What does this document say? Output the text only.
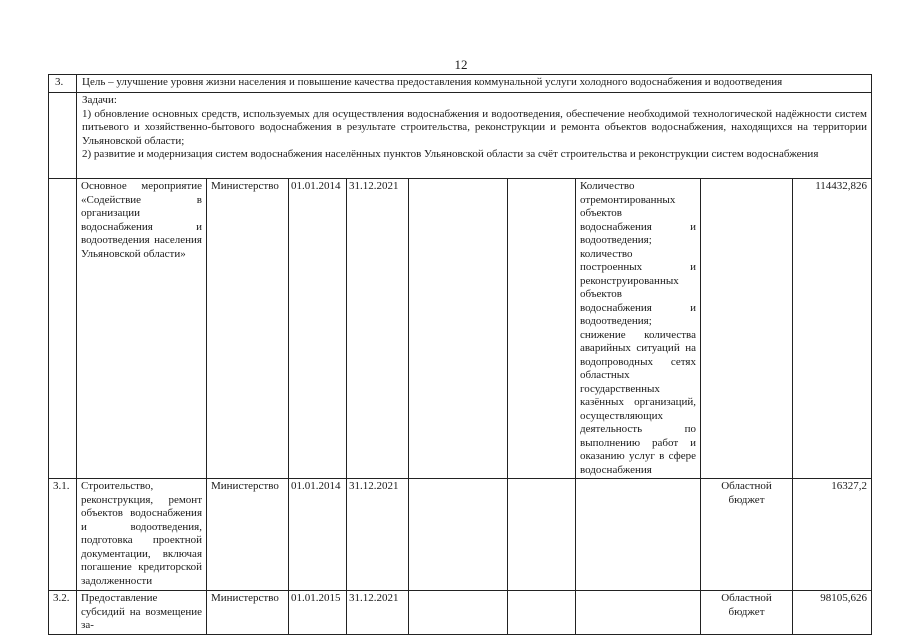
12
3.	Цель – улучшение уровня жизни населения и повышение качества предоставления коммунальной услуги холодного водоснабжения и водоотведения								

	Задачи:
1) обновление основных средств, используемых для осуществления водоснабжения и водоотведения, обеспечение необходимой технологической надёжности систем питьевого и хозяйственно-бытового водоснабжения в результате строительства, реконструкции и ремонта объектов водоснабжения, находящихся на территории Ульяновской области;
2) развитие и модернизация систем водоснабжения населённых пунктов Ульяновской области за счёт строительства и реконструкции систем водоснабжения								

	Основное мероприятие «Содействие в организации водоснабжения и водоотведения населения Ульяновской области»	Министерство	01.01.2014	31.12.2021			Количество отремонтированных объектов водоснабжения и водоотведения;
количество построенных и реконструированных объектов водоснабжения и водоотведения;
снижение количества аварийных ситуаций на водопроводных сетях областных государственных казённых организаций, осуществляющих деятельность по выполнению работ и оказанию услуг в сфере водоснабжения		114432,826
3.1.	Строительство, реконструкция, ремонт объектов водоснабжения и водоотведения, подготовка проектной документации, включая погашение кредиторской задолженности	Министерство	01.01.2014	31.12.2021				Областной бюджет	16327,2
3.2.	Предоставление субсидий на возмещение за-	Министерство	01.01.2015	31.12.2021				Областной бюджет	98105,626
